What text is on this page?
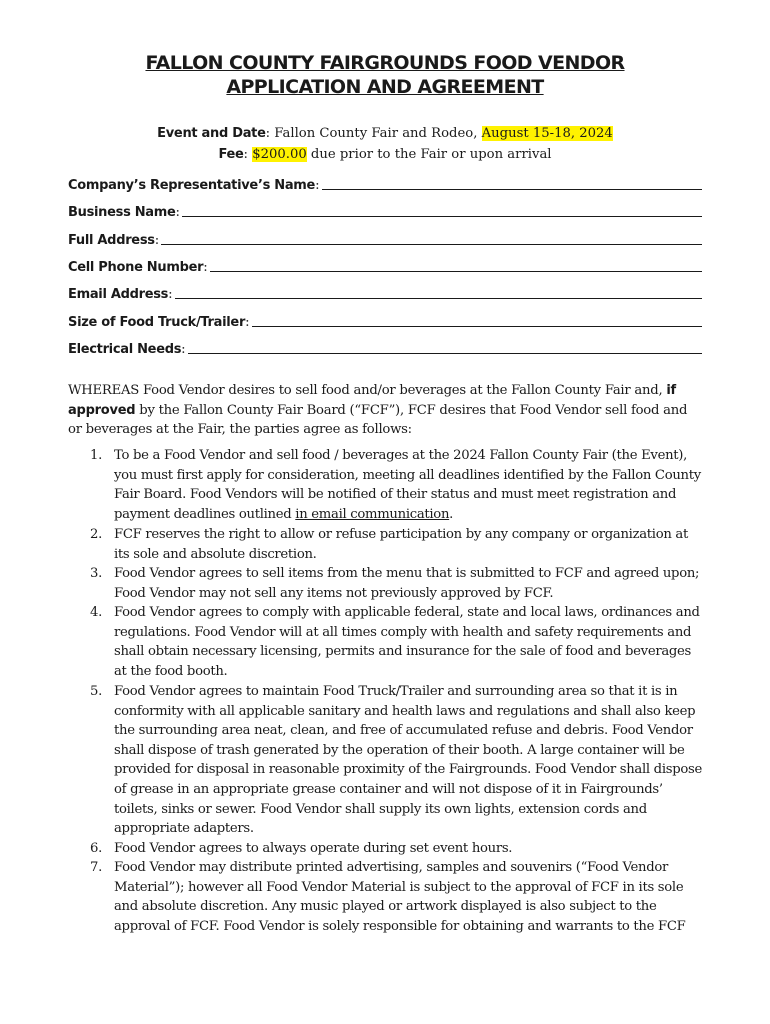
FALLON COUNTY FAIRGROUNDS FOOD VENDOR
APPLICATION AND AGREEMENT
Event and Date: Fallon County Fair and Rodeo, August 15-18, 2024
Fee: $200.00 due prior to the Fair or upon arrival
Company’s Representative’s Name :
Business Name :
Full Address :
Cell Phone Number :
Email Address :
Size of Food Truck/Trailer :
Electrical Needs :
WHEREAS Food Vendor desires to sell food and/or beverages at the Fallon County Fair and, if approved by the Fallon County Fair Board (“FCF”), FCF desires that Food Vendor sell food and or beverages at the Fair, the parties agree as follows:
1. To be a Food Vendor and sell food / beverages at the 2024 Fallon County Fair (the Event), you must first apply for consideration, meeting all deadlines identified by the Fallon County Fair Board. Food Vendors will be notified of their status and must meet registration and payment deadlines outlined in email communication.
2. FCF reserves the right to allow or refuse participation by any company or organization at its sole and absolute discretion.
3. Food Vendor agrees to sell items from the menu that is submitted to FCF and agreed upon; Food Vendor may not sell any items not previously approved by FCF.
4. Food Vendor agrees to comply with applicable federal, state and local laws, ordinances and regulations. Food Vendor will at all times comply with health and safety requirements and shall obtain necessary licensing, permits and insurance for the sale of food and beverages at the food booth.
5. Food Vendor agrees to maintain Food Truck/Trailer and surrounding area so that it is in conformity with all applicable sanitary and health laws and regulations and shall also keep the surrounding area neat, clean, and free of accumulated refuse and debris. Food Vendor shall dispose of trash generated by the operation of their booth. A large container will be provided for disposal in reasonable proximity of the Fairgrounds. Food Vendor shall dispose of grease in an appropriate grease container and will not dispose of it in Fairgrounds’ toilets, sinks or sewer. Food Vendor shall supply its own lights, extension cords and appropriate adapters.
6. Food Vendor agrees to always operate during set event hours.
7. Food Vendor may distribute printed advertising, samples and souvenirs (“Food Vendor Material”); however all Food Vendor Material is subject to the approval of FCF in its sole and absolute discretion. Any music played or artwork displayed is also subject to the approval of FCF. Food Vendor is solely responsible for obtaining and warrants to the FCF
